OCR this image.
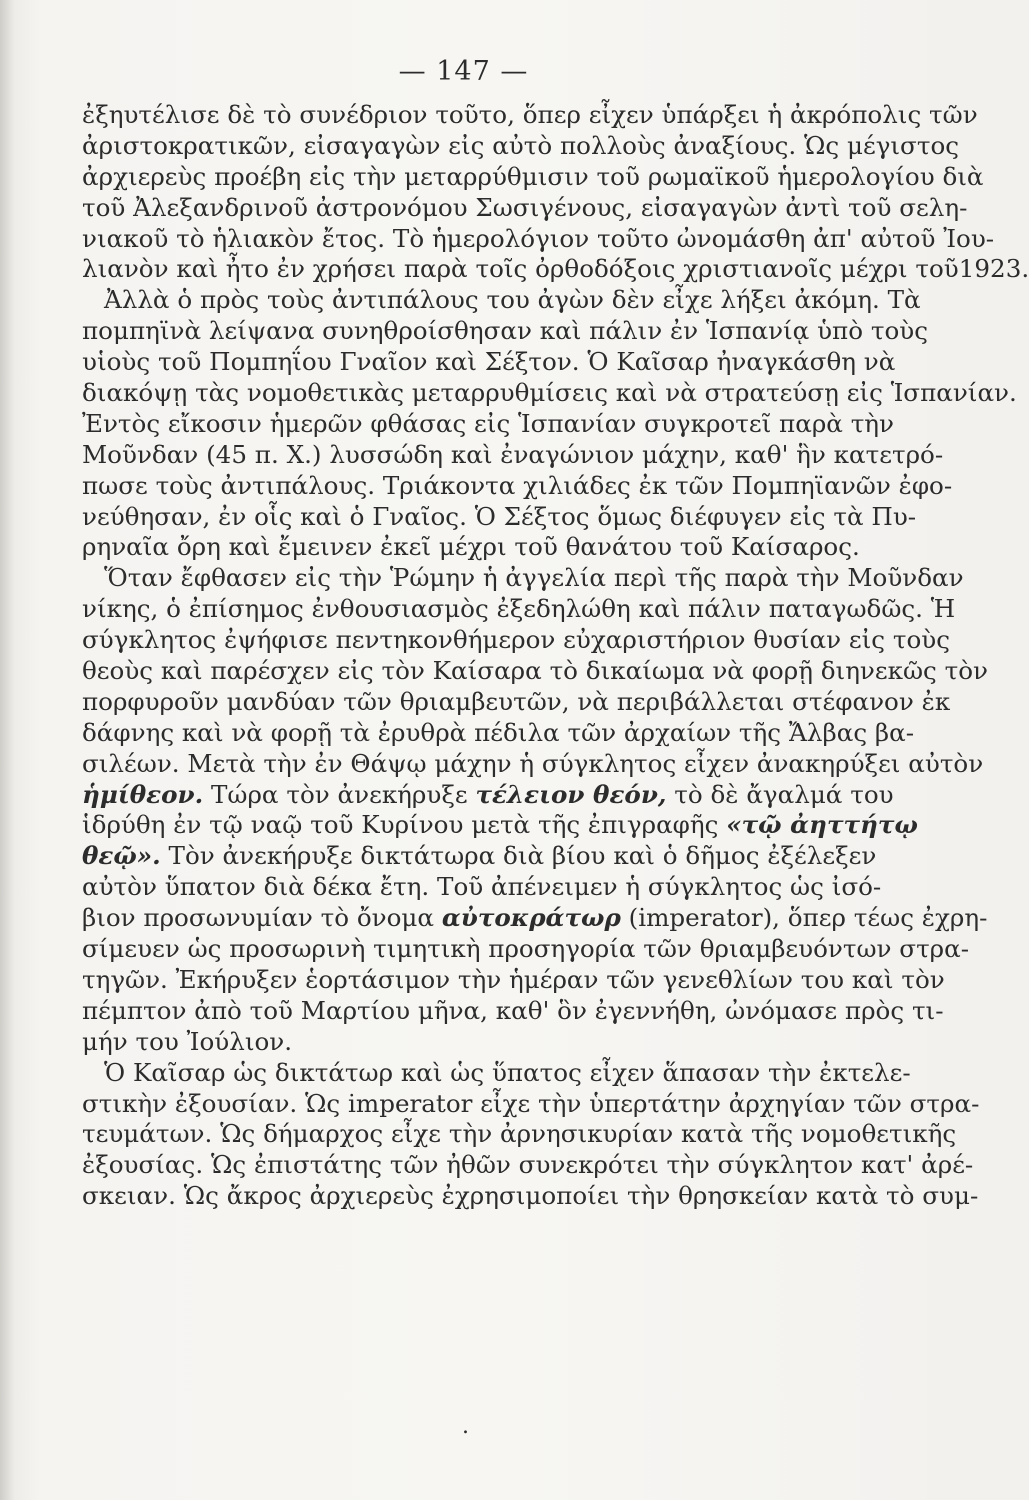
— 147 —
ἐξηυτέλισε δὲ τὸ συνέδριον τοῦτο, ὅπερ εἶχεν ὑπάρξει ἡ ἀκρόπολις τῶν
ἀριστοκρατικῶν, εἰσαγαγὼν εἰς αὐτὸ πολλοὺς ἀναξίους. Ὡς μέγιστος
ἀρχιερεὺς προέβη εἰς τὴν μεταρρύθμισιν τοῦ ρωμαϊκοῦ ἡμερολογίου διὰ
τοῦ Ἀλεξανδρινοῦ ἀστρονόμου Σωσιγένους, εἰσαγαγὼν ἀντὶ τοῦ σελη-
νιακοῦ τὸ ἡλιακὸν ἔτος. Τὸ ἡμερολόγιον τοῦτο ὠνομάσθη ἀπ' αὐτοῦ Ἰου-
λιανὸν καὶ ἦτο ἐν χρήσει παρὰ τοῖς ὀρθοδόξοις χριστιανοῖς μέχρι τοῦ1923.
Ἀλλὰ ὁ πρὸς τοὺς ἀντιπάλους του ἀγὼν δὲν εἶχε λήξει ἀκόμη. Τὰ
πομπηϊνὰ λείψανα συνηθροίσθησαν καὶ πάλιν ἐν Ἱσπανίᾳ ὑπὸ τοὺς
υἱοὺς τοῦ Πομπηΐου Γναῖον καὶ Σέξτον. Ὁ Καῖσαρ ἠναγκάσθη νὰ
διακόψῃ τὰς νομοθετικὰς μεταρρυθμίσεις καὶ νὰ στρατεύσῃ εἰς Ἱσπανίαν.
Ἐντὸς εἴκοσιν ἡμερῶν φθάσας εἰς Ἱσπανίαν συγκροτεῖ παρὰ τὴν
Μοῦνδαν (45 π. Χ.) λυσσώδη καὶ ἐναγώνιον μάχην, καθ' ἣν κατετρό-
πωσε τοὺς ἀντιπάλους. Τριάκοντα χιλιάδες ἐκ τῶν Πομπηϊανῶν ἐφο-
νεύθησαν, ἐν οἷς καὶ ὁ Γναῖος. Ὁ Σέξτος ὅμως διέφυγεν εἰς τὰ Πυ-
ρηναῖα ὄρη καὶ ἔμεινεν ἐκεῖ μέχρι τοῦ θανάτου τοῦ Καίσαρος.
Ὅταν ἔφθασεν εἰς τὴν Ῥώμην ἡ ἀγγελία περὶ τῆς παρὰ τὴν Μοῦνδαν
νίκης, ὁ ἐπίσημος ἐνθουσιασμὸς ἐξεδηλώθη καὶ πάλιν παταγωδῶς. Ἡ
σύγκλητος ἐψήφισε πεντηκονθήμερον εὐχαριστήριον θυσίαν εἰς τοὺς
θεοὺς καὶ παρέσχεν εἰς τὸν Καίσαρα τὸ δικαίωμα νὰ φορῇ διηνεκῶς τὸν
πορφυροῦν μανδύαν τῶν θριαμβευτῶν, νὰ περιβάλλεται στέφανον ἐκ
δάφνης καὶ νὰ φορῇ τὰ ἐρυθρὰ πέδιλα τῶν ἀρχαίων τῆς Ἄλβας βα-
σιλέων. Μετὰ τὴν ἐν Θάψῳ μάχην ἡ σύγκλητος εἶχεν ἀνακηρύξει αὐτὸν
ἡμίθεον. Τώρα τὸν ἀνεκήρυξε τέλειον θεόν, τὸ δὲ ἄγαλμά του
ἱδρύθη ἐν τῷ ναῷ τοῦ Κυρίνου μετὰ τῆς ἐπιγραφῆς «τῷ ἀηττήτῳ
θεῷ». Τὸν ἀνεκήρυξε δικτάτωρα διὰ βίου καὶ ὁ δῆμος ἐξέλεξεν
αὐτὸν ὕπατον διὰ δέκα ἔτη. Τοῦ ἀπένειμεν ἡ σύγκλητος ὡς ἰσό-
βιον προσωνυμίαν τὸ ὄνομα αὐτοκράτωρ (imperator), ὅπερ τέως ἐχρη-
σίμευεν ὡς προσωρινὴ τιμητικὴ προσηγορία τῶν θριαμβευόντων στρα-
τηγῶν. Ἐκήρυξεν ἑορτάσιμον τὴν ἡμέραν τῶν γενεθλίων του καὶ τὸν
πέμπτον ἀπὸ τοῦ Μαρτίου μῆνα, καθ' ὃν ἐγεννήθη, ὠνόμασε πρὸς τι-
μήν του Ἰούλιον.
Ὁ Καῖσαρ ὡς δικτάτωρ καὶ ὡς ὕπατος εἶχεν ἅπασαν τὴν ἐκτελε-
στικὴν ἐξουσίαν. Ὡς imperator εἶχε τὴν ὑπερτάτην ἀρχηγίαν τῶν στρα-
τευμάτων. Ὡς δήμαρχος εἶχε τὴν ἀρνησικυρίαν κατὰ τῆς νομοθετικῆς
ἐξουσίας. Ὡς ἐπιστάτης τῶν ἠθῶν συνεκρότει τὴν σύγκλητον κατ' ἀρέ-
σκειαν. Ὡς ἄκρος ἀρχιερεὺς ἐχρησιμοποίει τὴν θρησκείαν κατὰ τὸ συμ-
.
